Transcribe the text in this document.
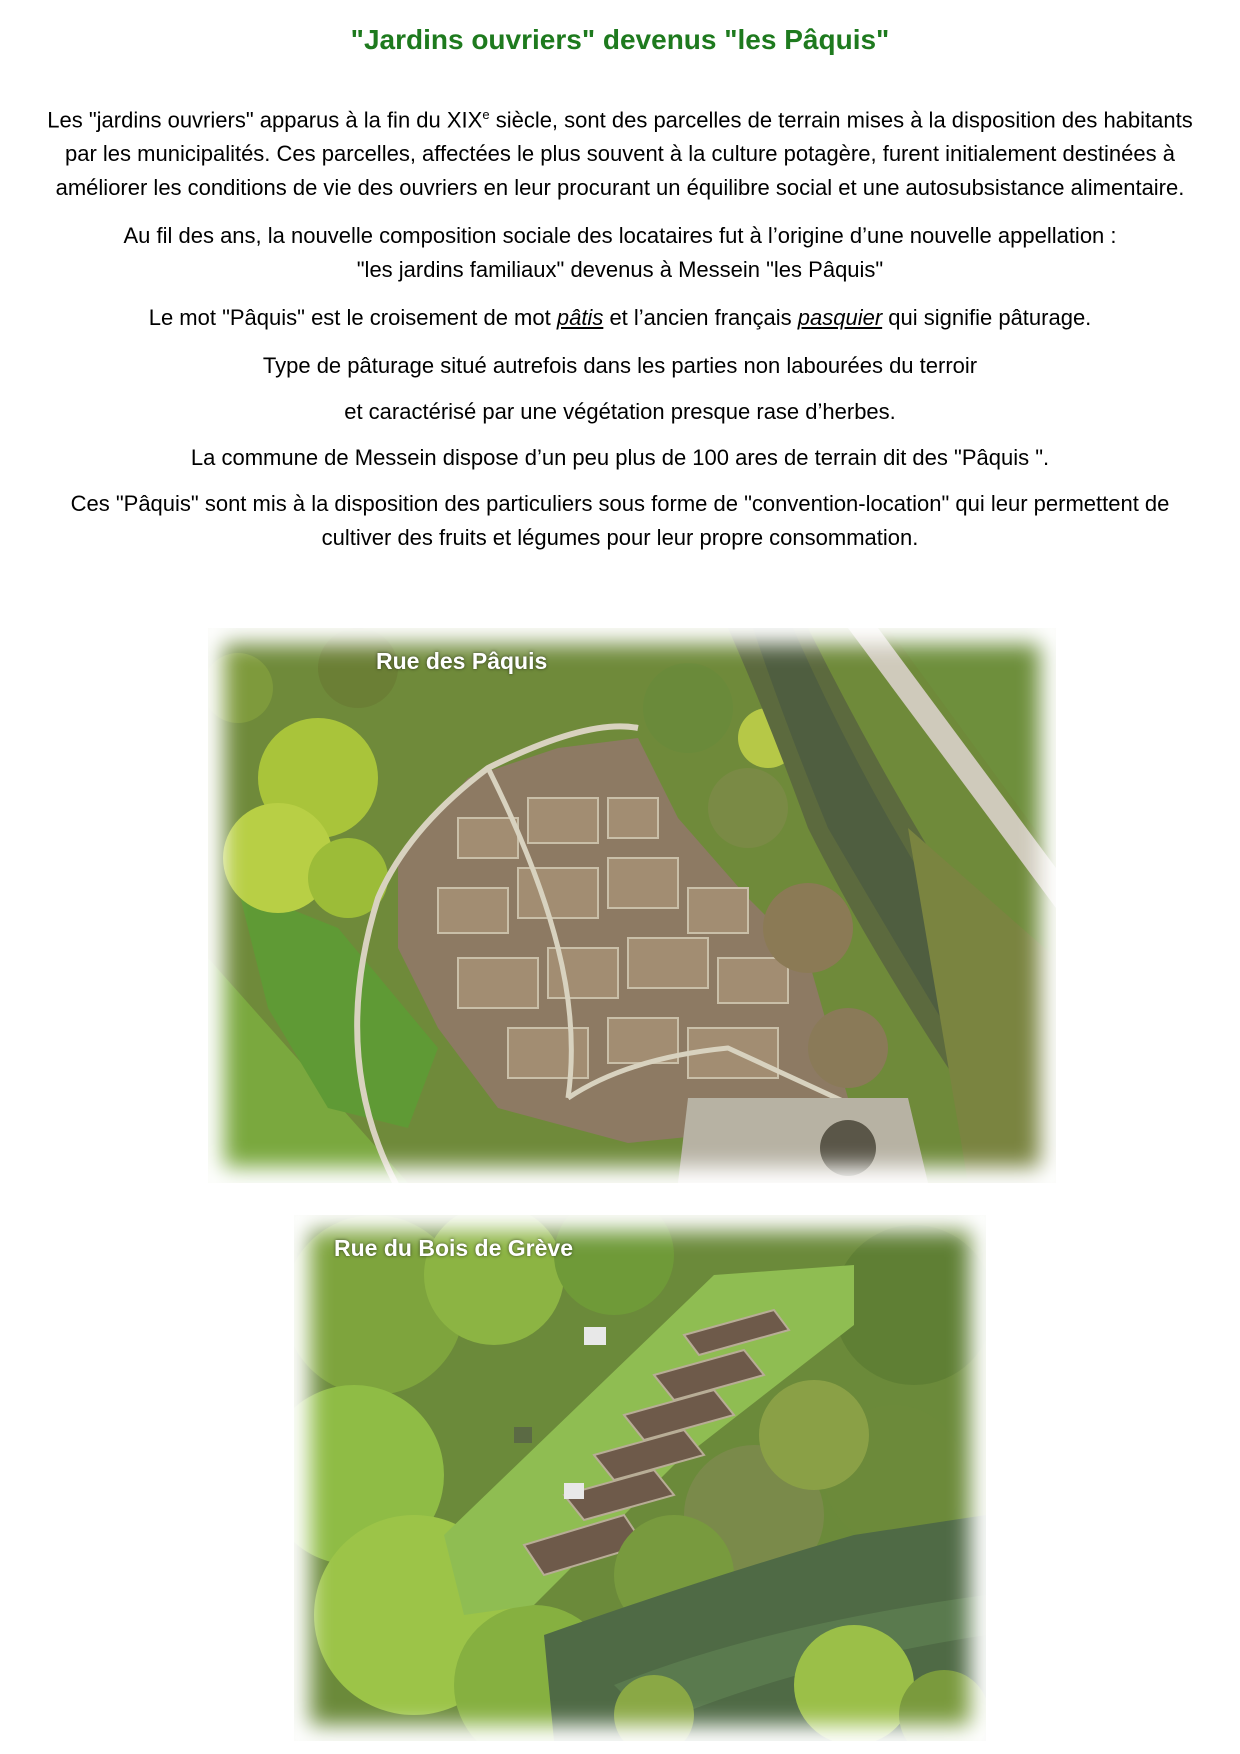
"Jardins ouvriers" devenus "les Pâquis"

Les "jardins ouvriers" apparus à la fin du XIXe siècle, sont des parcelles de terrain mises à la disposition des habitants par les municipalités. Ces parcelles, affectées le plus souvent à la culture potagère, furent initialement destinées à améliorer les conditions de vie des ouvriers en leur procurant un équilibre social et une autosubsistance alimentaire.

Au fil des ans, la nouvelle composition sociale des locataires fut à l’origine d’une nouvelle appellation :
"les jardins familiaux" devenus à Messein "les Pâquis"

Le mot "Pâquis" est le croisement de mot pâtis et l’ancien français pasquier qui signifie pâturage.

Type de pâturage situé autrefois dans les parties non labourées du terroir

et caractérisé par une végétation presque rase d’herbes.

La commune de Messein dispose d’un peu plus de 100 ares de terrain dit des "Pâquis ".

Ces "Pâquis" sont mis à la disposition des particuliers sous forme de "convention-location" qui leur permettent de cultiver des fruits et légumes pour leur propre consommation.

Rue des Pâquis
Rue du Bois de Grève
